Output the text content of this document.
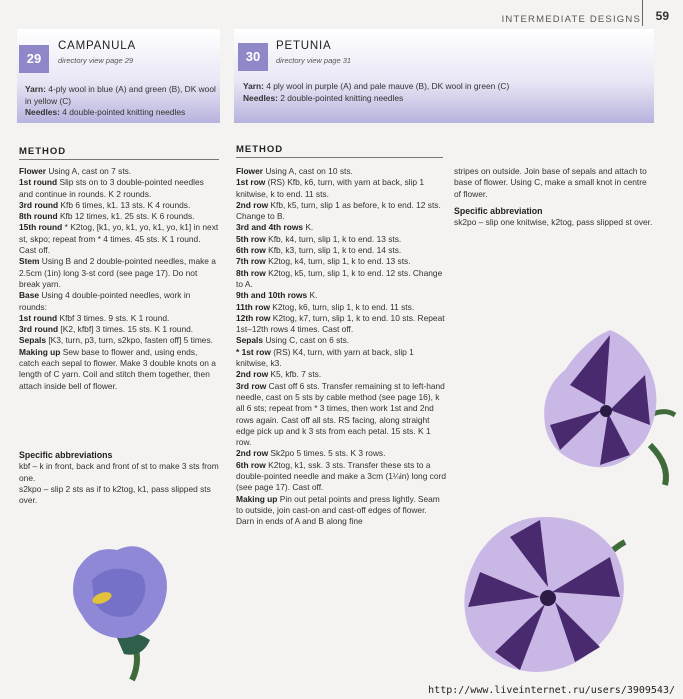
INTERMEDIATE DESIGNS 59
29
CAMPANULA
directory view page 29
Yarn: 4-ply wool in blue (A) and green (B), DK wool in yellow (C)
Needles: 4 double-pointed knitting needles
METHOD

Flower Using A, cast on 7 sts.

1st round Slip sts on to 3 double-pointed needles and continue in rounds. K 2 rounds.

3rd round Kfb 6 times, k1. 13 sts. K 4 rounds.

8th round Kfb 12 times, k1. 25 sts. K 6 rounds.

15th round * K2tog, [k1, yo, k1, yo, k1, yo, k1] in next st, skpo; repeat from * 4 times. 45 sts. K 1 round. Cast off.

Stem Using B and 2 double-pointed needles, make a 2.5cm (1in) long 3-st cord (see page 17). Do not break yarn.

Base Using 4 double-pointed needles, work in rounds:

1st round Kfbf 3 times. 9 sts. K 1 round.

3rd round [K2, kfbf] 3 times. 15 sts. K 1 round.

Sepals [K3, turn, p3, turn, s2kpo, fasten off] 5 times.

Making up Sew base to flower and, using ends, catch each sepal to flower. Make 3 double knots on a length of C yarn. Coil and stitch them together, then attach inside bell of flower.

Specific abbreviations

kbf – k in front, back and front of st to make 3 sts from one.

s2kpo – slip 2 sts as if to k2tog, k1, pass slipped sts over.

30
PETUNIA
directory view page 31
Yarn: 4 ply wool in purple (A) and pale mauve (B), DK wool in green (C)
Needles: 2 double-pointed knitting needles
METHOD

Flower Using A, cast on 10 sts.

1st row (RS) Kfb, k6, turn, with yarn at back, slip 1 knitwise, k to end. 11 sts.

2nd row Kfb, k5, turn, slip 1 as before, k to end. 12 sts. Change to B.

3rd and 4th rows K.

5th row Kfb, k4, turn, slip 1, k to end. 13 sts.

6th row Kfb, k3, turn, slip 1, k to end. 14 sts.

7th row K2tog, k4, turn, slip 1, k to end. 13 sts.

8th row K2tog, k5, turn, slip 1, k to end. 12 sts. Change to A.

9th and 10th rows K.

11th row K2tog, k6, turn, slip 1, k to end. 11 sts.

12th row K2tog, k7, turn, slip 1, k to end. 10 sts. Repeat 1st–12th rows 4 times. Cast off.

Sepals Using C, cast on 6 sts.

* 1st row (RS) K4, turn, with yarn at back, slip 1 knitwise, k3.

2nd row K5, kfb. 7 sts.

3rd row Cast off 6 sts. Transfer remaining st to left-hand needle, cast on 5 sts by cable method (see page 16), k all 6 sts; repeat from * 3 times, then work 1st and 2nd rows again. Cast off all sts. RS facing, along straight edge pick up and k 3 sts from each petal. 15 sts. K 1 row.

2nd row Sk2po 5 times. 5 sts. K 3 rows.

6th row K2tog, k1, ssk. 3 sts. Transfer these sts to a double-pointed needle and make a 3cm (1¼in) long cord (see page 17). Cast off.

Making up Pin out petal points and press lightly. Seam to outside, join cast-on and cast-off edges of flower. Darn in ends of A and B along fine

stripes on outside. Join base of sepals and attach to base of flower. Using C, make a small knot in centre of flower.

Specific abbreviation

sk2po – slip one knitwise, k2tog, pass slipped st over.

http://www.liveinternet.ru/users/3909543/
